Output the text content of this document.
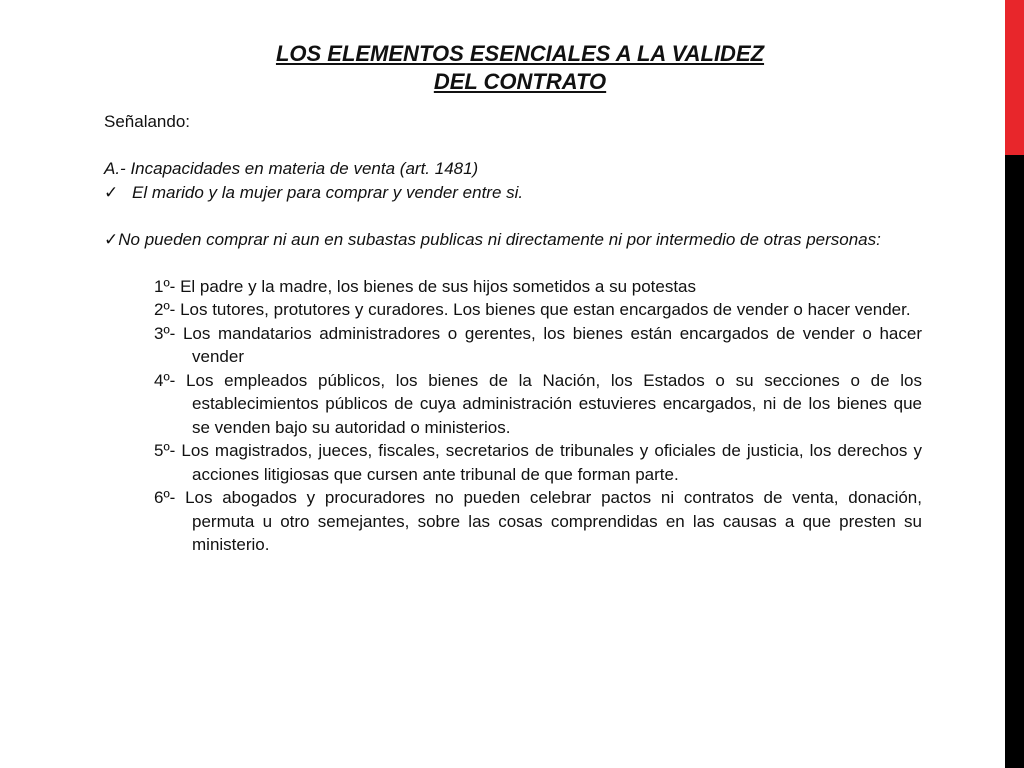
LOS ELEMENTOS ESENCIALES A LA VALIDEZ
DEL CONTRATO

Señalando:

A.- Incapacidades en materia de venta (art. 1481)

✓ El marido y la mujer para comprar y vender entre si.

✓No pueden comprar ni aun en subastas publicas ni directamente ni por intermedio de otras personas:

1º- El padre y la madre, los bienes de sus hijos sometidos a su potestas

2º- Los tutores, protutores y curadores. Los bienes que estan encargados de vender o hacer vender.

3º- Los mandatarios administradores o gerentes, los bienes están encargados de vender o hacer vender

4º- Los empleados públicos, los bienes de la Nación, los Estados o su secciones o de los establecimientos públicos de cuya administración estuvieres encargados, ni de los bienes que se venden bajo su autoridad o ministerios.

5º- Los magistrados, jueces, fiscales, secretarios de tribunales y oficiales de justicia, los derechos y acciones litigiosas que cursen ante tribunal de que forman parte.

6º- Los abogados y procuradores no pueden celebrar pactos ni contratos de venta, donación, permuta u otro semejantes, sobre las cosas comprendidas en las causas a que presten su ministerio.
